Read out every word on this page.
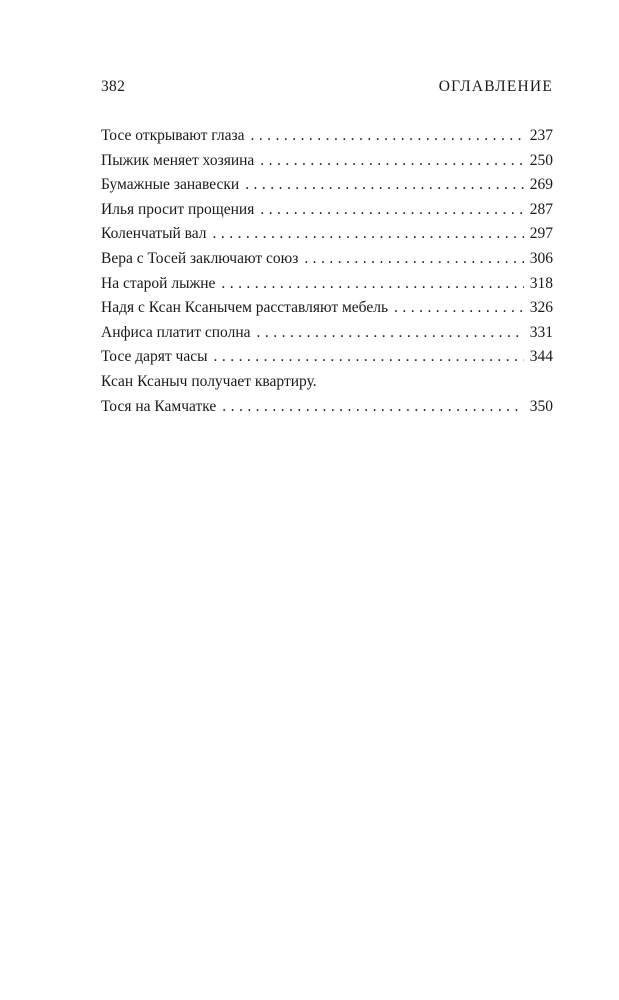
382	ОГЛАВЛЕНИЕ
Тосе открывают глаза . . .	237
Пыжик меняет хозяина . . .	250
Бумажные занавески . . .	269
Илья просит прощения . . .	287
Коленчатый вал . . .	297
Вера с Тосей заключают союз . . .	306
На старой лыжне . . .	318
Надя с Ксан Ксанычем расставляют мебель . . .	326
Анфиса платит сполна . . .	331
Тосе дарят часы . . .	344
Ксан Ксаныч получает квартиру.
Тося на Камчатке . . .	350
